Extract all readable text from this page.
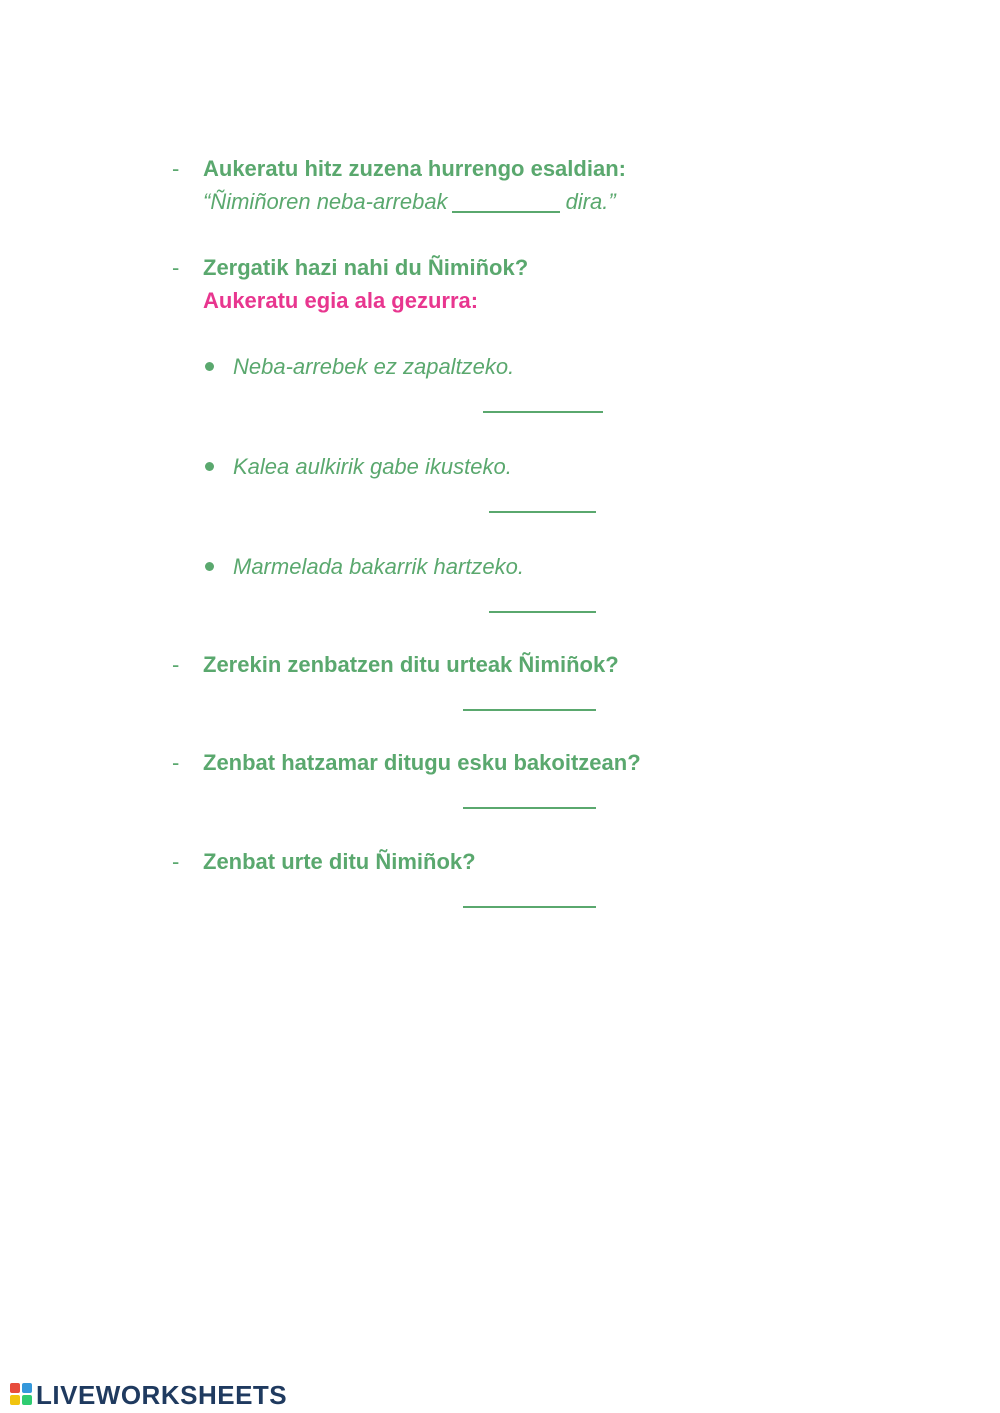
- Aukeratu hitz zuzena hurrengo esaldian:
“Ñimiñoren neba-arrebak	dira.”
- Zergatik hazi nahi du Ñimiñok?
Aukeratu egia ala gezurra:
Neba-arrebek ez zapaltzeko.
Kalea aulkirik gabe ikusteko.
Marmelada bakarrik hartzeko.
- Zerekin zenbatzen ditu urteak Ñimiñok?
- Zenbat hatzamar ditugu esku bakoitzean?
- Zenbat urte ditu Ñimiñok?
LIVEWORKSHEETS
